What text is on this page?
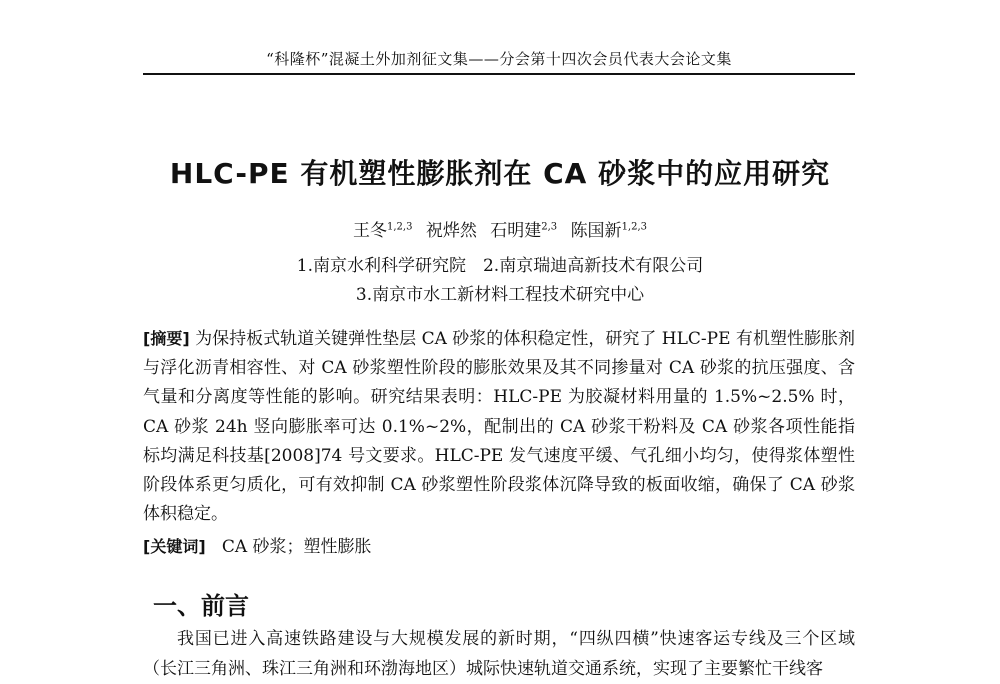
“科隆杯”混凝土外加剂征文集——分会第十四次会员代表大会论文集
HLC-PE 有机塑性膨胀剂在 CA 砂浆中的应用研究
王冬$^{1,2,3}$ 祝烨然 石明建$^{2,3}$ 陈国新$^{1,2,3}$
1.南京水利科学研究院　2.南京瑞迪高新技术有限公司
3.南京市水工新材料工程技术研究中心
[摘要] 为保持板式轨道关键弹性垫层 CA 砂浆的体积稳定性，研究了 HLC-PE 有机塑性膨胀剂与浮化沥青相容性、对 CA 砂浆塑性阶段的膨胀效果及其不同掺量对 CA 砂浆的抗压强度、含气量和分离度等性能的影响。研究结果表明：HLC-PE 为胶凝材料用量的 1.5%~2.5% 时，CA 砂浆 24h 竖向膨胀率可达 0.1%~2%，配制出的 CA 砂浆干粉料及 CA 砂浆各项性能指标均满足科技基[2008]74 号文要求。HLC-PE 发气速度平缓、气孔细小均匀，使得浆体塑性阶段体系更匀质化，可有效抑制 CA 砂浆塑性阶段浆体沉降导致的板面收缩，确保了 CA 砂浆体积稳定。
[关键词] CA 砂浆；塑性膨胀
一、前言
我国已进入高速铁路建设与大规模发展的新时期，“四纵四横”快速客运专线及三个区域（长江三角洲、珠江三角洲和环渤海地区）城际快速轨道交通系统，实现了主要繁忙干线客
